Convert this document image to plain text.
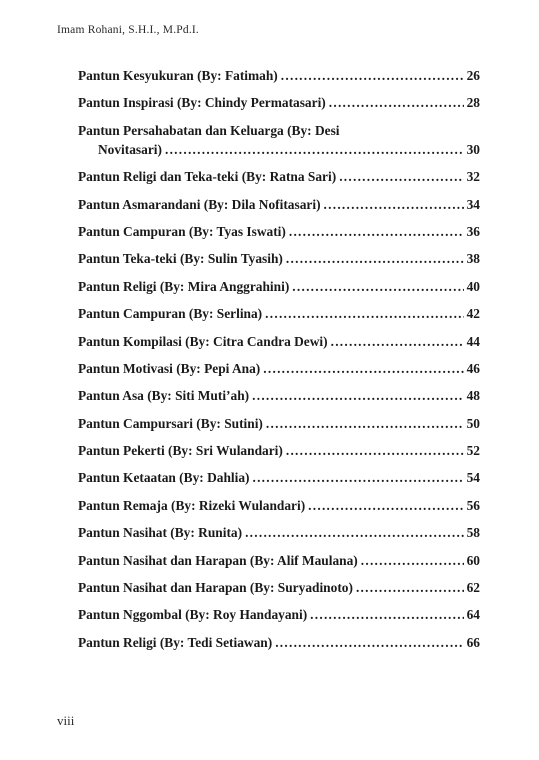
Imam Rohani, S.H.I., M.Pd.I.
Pantun Kesyukuran (By: Fatimah) . . .	26
Pantun Inspirasi (By: Chindy Permatasari) . . .	28
Pantun Persahabatan dan Keluarga (By: Desi
Novitasari) . . .	30
Pantun Religi dan Teka-teki (By: Ratna Sari) . . .	32
Pantun Asmarandani (By: Dila Nofitasari) . . .	34
Pantun Campuran (By: Tyas Iswati) . . .	36
Pantun Teka-teki (By: Sulin Tyasih) . . .	38
Pantun Religi (By: Mira Anggrahini) . . .	40
Pantun Campuran (By: Serlina) . . .	42
Pantun Kompilasi (By: Citra Candra Dewi) . . .	44
Pantun Motivasi (By: Pepi Ana) . . .	46
Pantun Asa (By: Siti Muti’ah) . . .	48
Pantun Campursari (By: Sutini) . . .	50
Pantun Pekerti (By: Sri Wulandari) . . .	52
Pantun Ketaatan (By: Dahlia) . . .	54
Pantun Remaja (By: Rizeki Wulandari) . . .	56
Pantun Nasihat (By: Runita) . . .	58
Pantun Nasihat dan Harapan (By: Alif Maulana) . . .	60
Pantun Nasihat dan Harapan (By: Suryadinoto) . . .	62
Pantun Nggombal (By: Roy Handayani) . . .	64
Pantun Religi (By: Tedi Setiawan) . . .	66
viii
